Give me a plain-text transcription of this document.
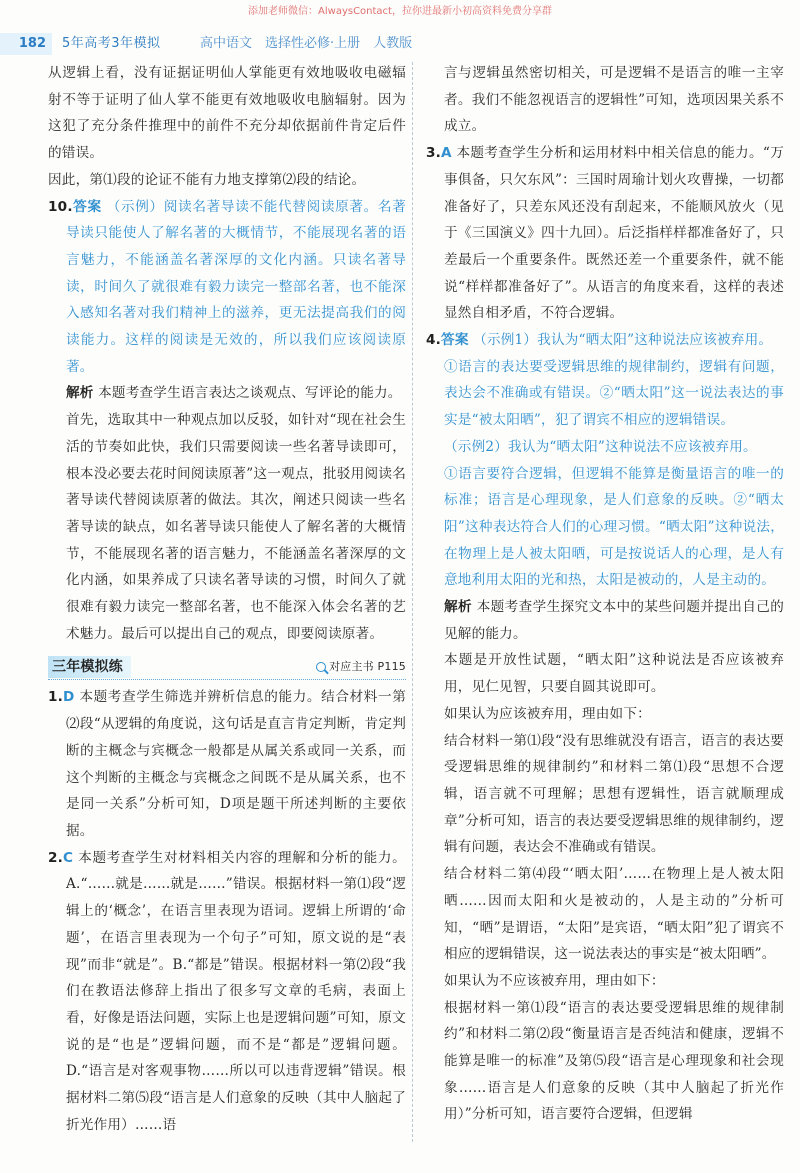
添加老师微信：AlwaysContact，拉你进最新小初高资料免费分享群
182	5年高考3年模拟	高中语文　选择性必修·上册　人教版

从逻辑上看，没有证据证明仙人掌能更有效地吸收电磁辐射不等于证明了仙人掌不能更有效地吸收电脑辐射。因为这犯了充分条件推理中的前件不充分却依据前件肯定后件的错误。

因此，第⑴段的论证不能有力地支撑第⑵段的结论。

10.答案 （示例）阅读名著导读不能代替阅读原著。名著导读只能使人了解名著的大概情节，不能展现名著的语言魅力，不能涵盖名著深厚的文化内涵。只读名著导读，时间久了就很难有毅力读完一整部名著，也不能深入感知名著对我们精神上的滋养，更无法提高我们的阅读能力。这样的阅读是无效的，所以我们应该阅读原著。

解析 本题考查学生语言表达之谈观点、写评论的能力。

首先，选取其中一种观点加以反驳，如针对“现在社会生活的节奏如此快，我们只需要阅读一些名著导读即可，根本没必要去花时间阅读原著”这一观点，批驳用阅读名著导读代替阅读原著的做法。其次，阐述只阅读一些名著导读的缺点，如名著导读只能使人了解名著的大概情节，不能展现名著的语言魅力，不能涵盖名著深厚的文化内涵，如果养成了只读名著导读的习惯，时间久了就很难有毅力读完一整部名著，也不能深入体会名著的艺术魅力。最后可以提出自己的观点，即要阅读原著。

三年模拟练	对应主书 P115

1.D 本题考查学生筛选并辨析信息的能力。结合材料一第⑵段“从逻辑的角度说，这句话是直言肯定判断，肯定判断的主概念与宾概念一般都是从属关系或同一关系，而这个判断的主概念与宾概念之间既不是从属关系，也不是同一关系”分析可知，D项是题干所述判断的主要依据。

2.C 本题考查学生对材料相关内容的理解和分析的能力。A.“……就是……就是……”错误。根据材料一第⑴段“逻辑上的‘概念’，在语言里表现为语词。逻辑上所谓的‘命题’，在语言里表现为一个句子”可知，原文说的是“表现”而非“就是”。B.“都是”错误。根据材料一第⑵段“我们在教语法修辞上指出了很多写文章的毛病，表面上看，好像是语法问题，实际上也是逻辑问题”可知，原文说的是“也是”逻辑问题，而不是“都是”逻辑问题。D.“语言是对客观事物……所以可以违背逻辑”错误。根据材料二第⑸段“语言是人们意象的反映（其中人脑起了折光作用）……语

言与逻辑虽然密切相关，可是逻辑不是语言的唯一主宰者。我们不能忽视语言的逻辑性”可知，选项因果关系不成立。

3.A 本题考查学生分析和运用材料中相关信息的能力。“万事俱备，只欠东风”：三国时周瑜计划火攻曹操，一切都准备好了，只差东风还没有刮起来，不能顺风放火（见于《三国演义》四十九回）。后泛指样样都准备好了，只差最后一个重要条件。既然还差一个重要条件，就不能说“样样都准备好了”。从语言的角度来看，这样的表述显然自相矛盾，不符合逻辑。

4.答案 （示例1）我认为“晒太阳”这种说法应该被弃用。

①语言的表达要受逻辑思维的规律制约，逻辑有问题，表达会不准确或有错误。②“晒太阳”这一说法表达的事实是“被太阳晒”，犯了谓宾不相应的逻辑错误。

（示例2）我认为“晒太阳”这种说法不应该被弃用。

①语言要符合逻辑，但逻辑不能算是衡量语言的唯一的标准；语言是心理现象，是人们意象的反映。②“晒太阳”这种表达符合人们的心理习惯。“晒太阳”这种说法，在物理上是人被太阳晒，可是按说话人的心理，是人有意地利用太阳的光和热，太阳是被动的，人是主动的。

解析 本题考查学生探究文本中的某些问题并提出自己的见解的能力。

本题是开放性试题，“晒太阳”这种说法是否应该被弃用，见仁见智，只要自圆其说即可。

如果认为应该被弃用，理由如下：

结合材料一第⑴段“没有思维就没有语言，语言的表达要受逻辑思维的规律制约”和材料二第⑴段“思想不合逻辑，语言就不可理解；思想有逻辑性，语言就顺理成章”分析可知，语言的表达要受逻辑思维的规律制约，逻辑有问题，表达会不准确或有错误。

结合材料二第⑷段“‘晒太阳’……在物理上是人被太阳晒……因而太阳和火是被动的，人是主动的”分析可知，“晒”是谓语，“太阳”是宾语，“晒太阳”犯了谓宾不相应的逻辑错误，这一说法表达的事实是“被太阳晒”。

如果认为不应该被弃用，理由如下：

根据材料一第⑴段“语言的表达要受逻辑思维的规律制约”和材料二第⑵段“衡量语言是否纯洁和健康，逻辑不能算是唯一的标准”及第⑸段“语言是心理现象和社会现象……语言是人们意象的反映（其中人脑起了折光作用）”分析可知，语言要符合逻辑，但逻辑
